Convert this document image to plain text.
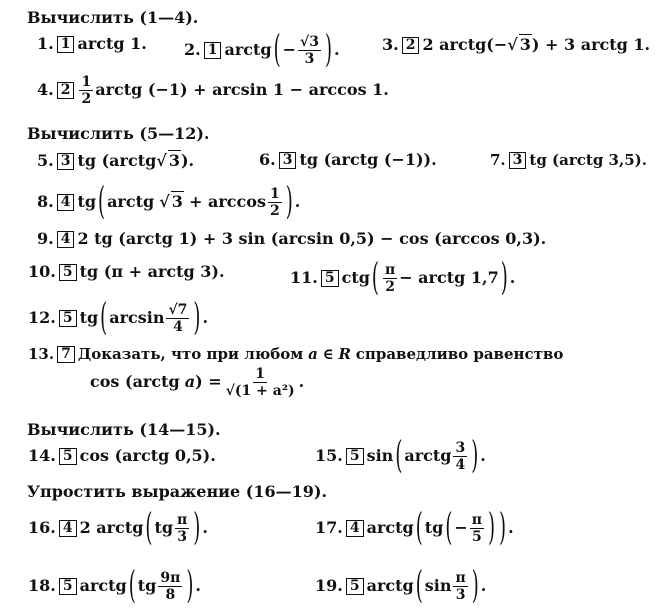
Вычислить (1—4).
1. 1 arctg 1. 2. 1 arctg ( − $\frac{√3}{3}$ ) .	3. 2 2 arctg(−√ 3) + 3 arctg 1.
4. $2 \frac{1}{2}$ arctg (−1) + arcsin 1 − arccos 1.
Вычислить (5—12).
5. 3 tg (arctg√ 3).	6. 3 tg (arctg (−1)).	7. 3 tg (arctg 3,5).
8. 4 tg ( arctg √ $3 + \arccos \frac{1}{2}$ ) .
9. 4 2 tg (arctg 1) + 3 sin (arcsin 0,5) − cos (arccos 0,3).
10. 5 tg (π + arctg 3).	11. 5 ctg ( $\frac{\pi}{2}$ − arctg 1,7 ) .
12. 5 tg ( $\arcsin \frac{√7}{4}$ ) .
13. 7 Доказать, что при любом a ∈ R справедливо равенство
cos (arctg $a) = \frac{1}{\text{√(1 + a²)}}$ .
Вычислить (14—15).
14. 5 cos (arctg 0,5).	15. 5 sin ( arctg $\frac{3}{4}$ ) .
Упростить выражение (16—19).
16. 4 2 arctg ( tg $\frac{\pi}{3}$ ) .	17. 4 arctg ( tg ( − $\frac{\pi}{5}$ ) ) .
18. 5 arctg ( tg $\frac{9\pi}{8}$ ) .	19. 5 arctg ( $\sin \frac{\pi}{3}$ ) .
